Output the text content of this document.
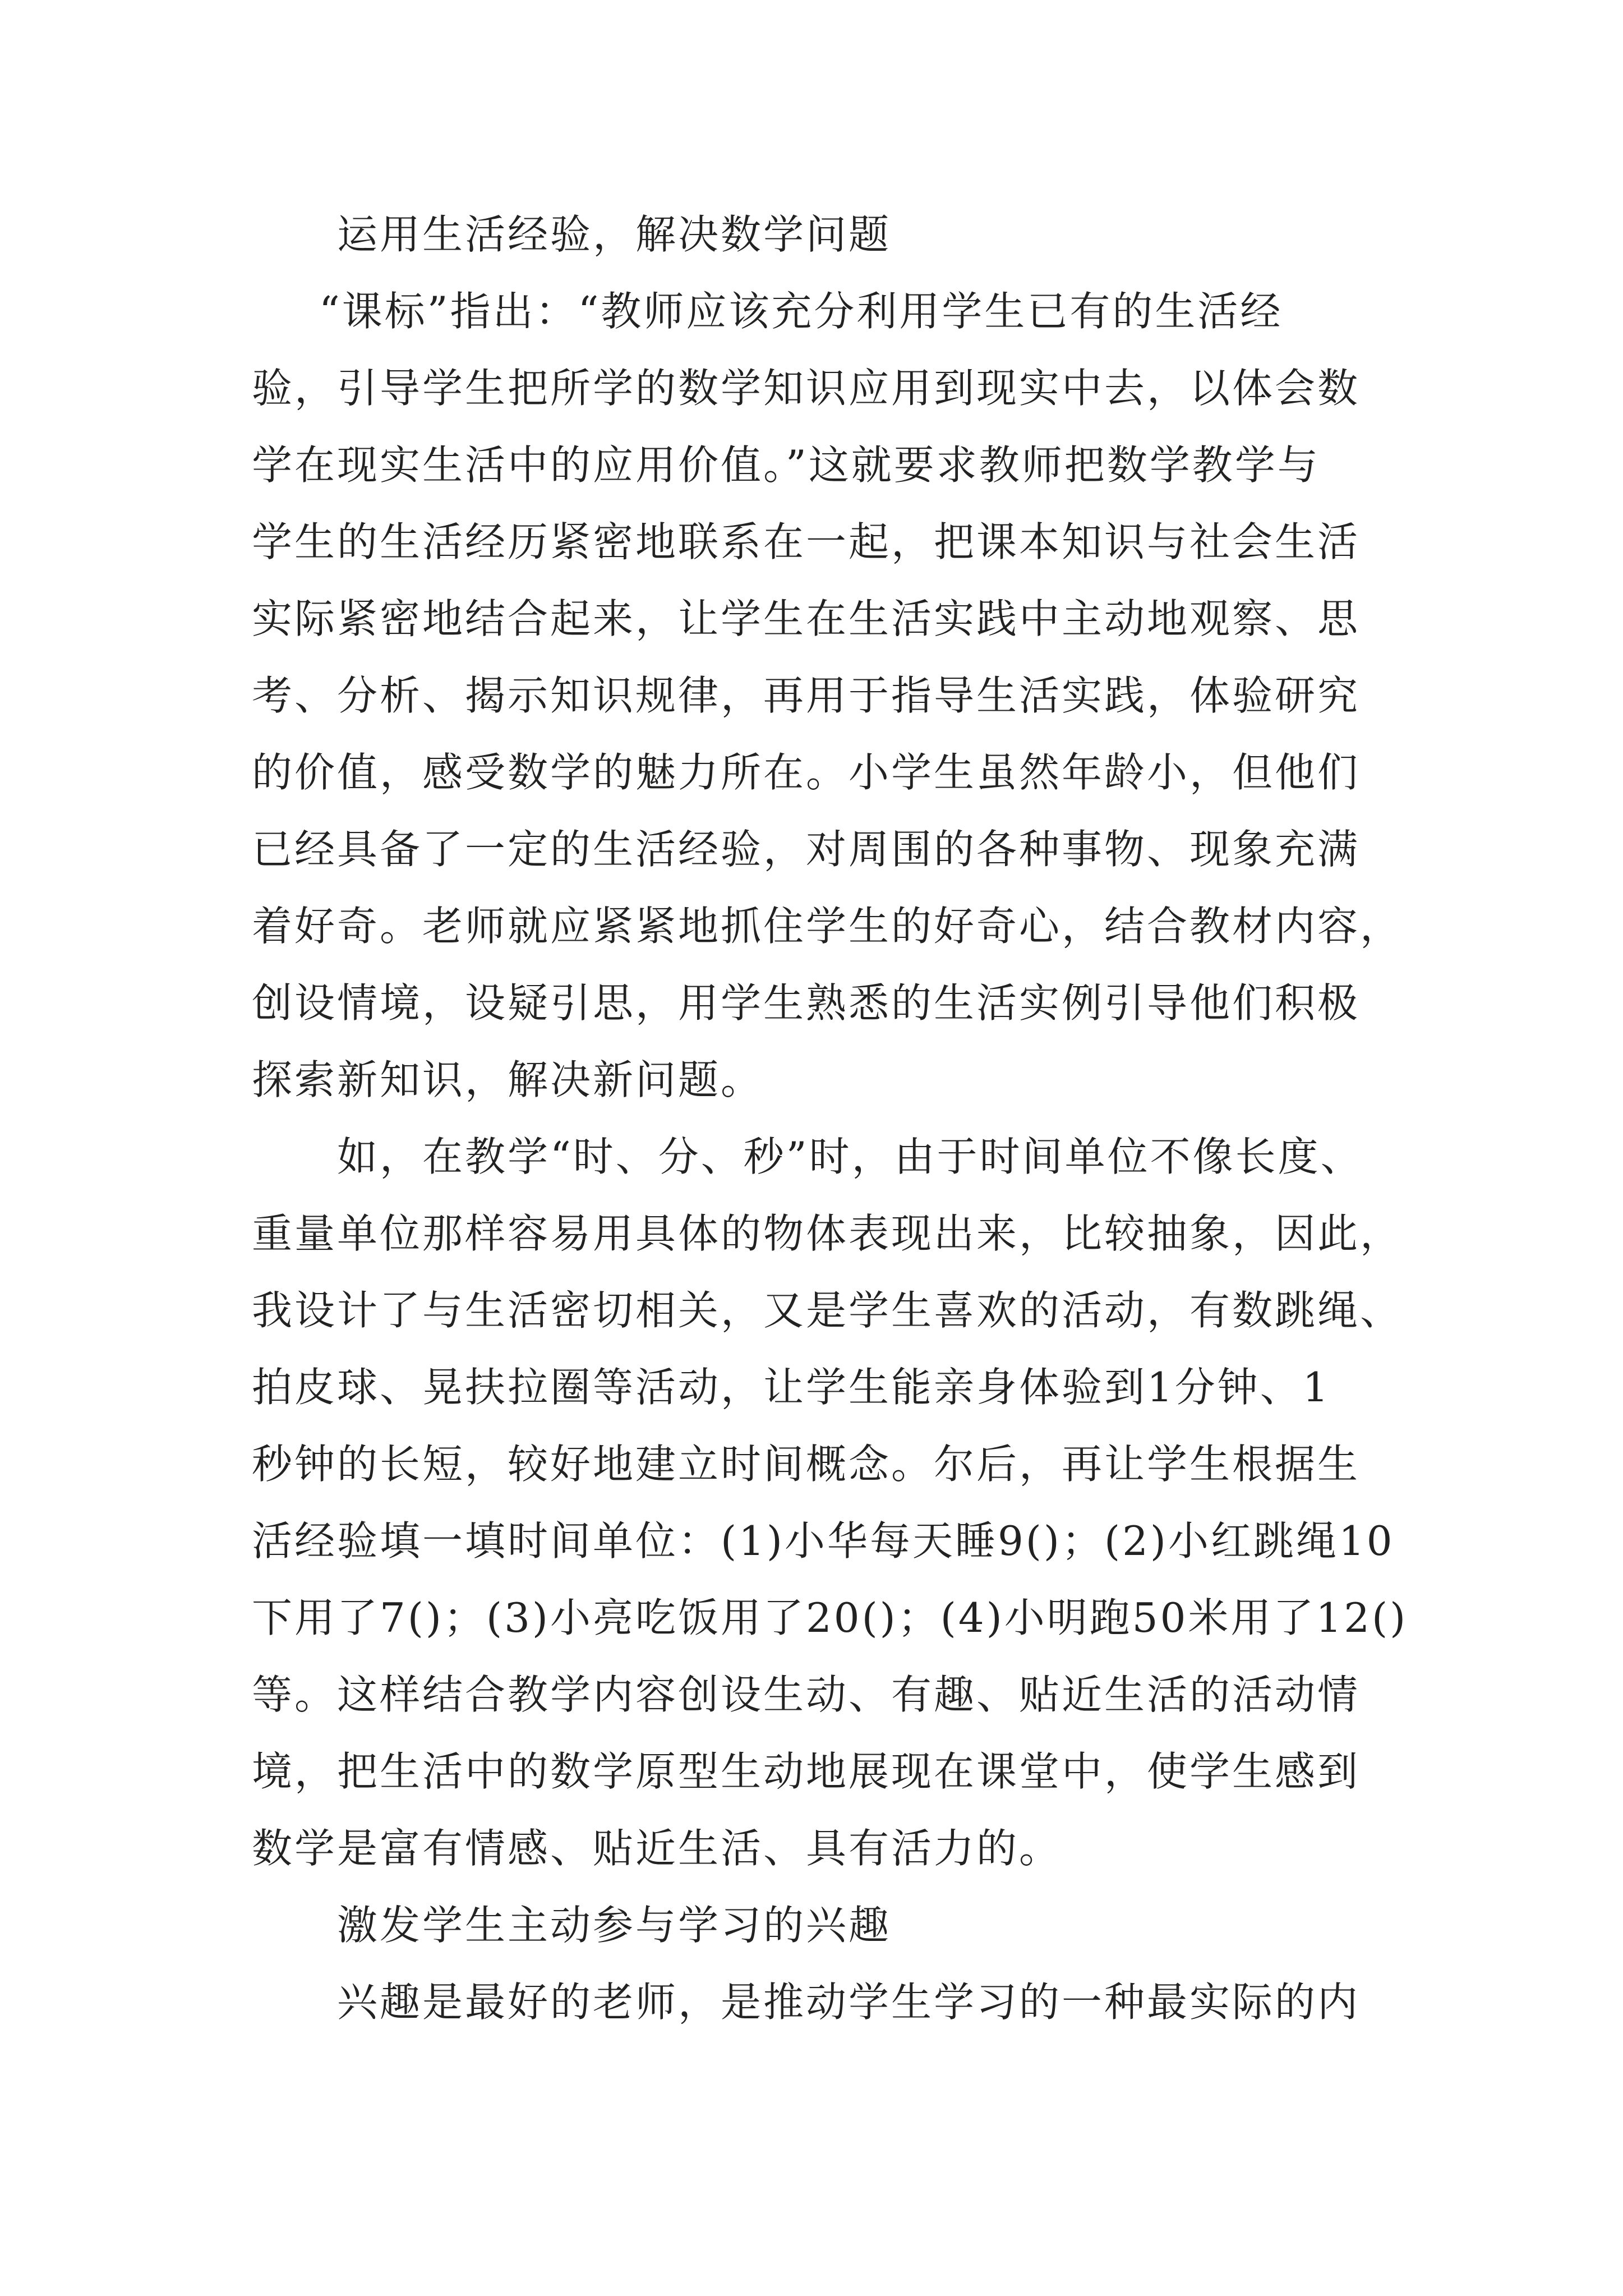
运用生活经验，解决数学问题
“课标”指出：“教师应该充分利用学生已有的生活经
验，引导学生把所学的数学知识应用到现实中去，以体会数
学在现实生活中的应用价值。”这就要求教师把数学教学与
学生的生活经历紧密地联系在一起，把课本知识与社会生活
实际紧密地结合起来，让学生在生活实践中主动地观察、思
考、分析、揭示知识规律，再用于指导生活实践，体验研究
的价值，感受数学的魅力所在。小学生虽然年龄小，但他们
已经具备了一定的生活经验，对周围的各种事物、现象充满
着好奇。老师就应紧紧地抓住学生的好奇心，结合教材内容，
创设情境，设疑引思，用学生熟悉的生活实例引导他们积极
探索新知识，解决新问题。
如，在教学“时、分、秒”时，由于时间单位不像长度、
重量单位那样容易用具体的物体表现出来，比较抽象，因此，
我设计了与生活密切相关，又是学生喜欢的活动，有数跳绳、
拍皮球、晃扶拉圈等活动，让学生能亲身体验到1分钟、1
秒钟的长短，较好地建立时间概念。尔后，再让学生根据生
活经验填一填时间单位：(1)小华每天睡9()；(2)小红跳绳10
下用了7()；(3)小亮吃饭用了20()；(4)小明跑50米用了12()
等。这样结合教学内容创设生动、有趣、贴近生活的活动情
境，把生活中的数学原型生动地展现在课堂中，使学生感到
数学是富有情感、贴近生活、具有活力的。
激发学生主动参与学习的兴趣
兴趣是最好的老师，是推动学生学习的一种最实际的内
